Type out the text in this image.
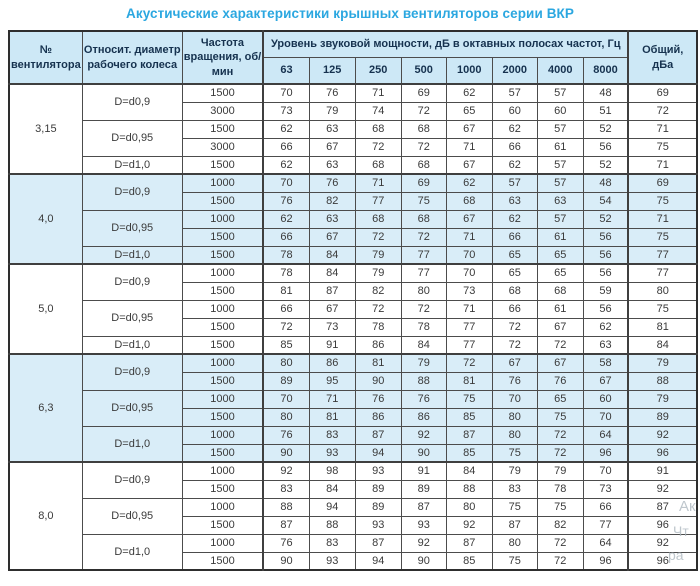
Акустические характеристики крышных вентиляторов серии ВКР
№ вентилятора	Относит. диаметр рабочего колеса	Частота вращения, об/мин	Уровень звуковой мощности, дБ в октавных полосах частот, Гц								Общий, дБа
			63	125	250	500	1000	2000	4000	8000	
3,15	D=d0,9	1500	70	76	71	69	62	57	57	48	69
		3000	73	79	74	72	65	60	60	51	72
	D=d0,95	1500	62	63	68	68	67	62	57	52	71
		3000	66	67	72	72	71	66	61	56	75
	D=d1,0	1500	62	63	68	68	67	62	57	52	71
4,0	D=d0,9	1000	70	76	71	69	62	57	57	48	69
		1500	76	82	77	75	68	63	63	54	75
	D=d0,95	1000	62	63	68	68	67	62	57	52	71
		1500	66	67	72	72	71	66	61	56	75
	D=d1,0	1500	78	84	79	77	70	65	65	56	77
5,0	D=d0,9	1000	78	84	79	77	70	65	65	56	77
		1500	81	87	82	80	73	68	68	59	80
	D=d0,95	1000	66	67	72	72	71	66	61	56	75
		1500	72	73	78	78	77	72	67	62	81
	D=d1,0	1500	85	91	86	84	77	72	72	63	84
6,3	D=d0,9	1000	80	86	81	79	72	67	67	58	79
		1500	89	95	90	88	81	76	76	67	88
	D=d0,95	1000	70	71	76	76	75	70	65	60	79
		1500	80	81	86	86	85	80	75	70	89
	D=d1,0	1000	76	83	87	92	87	80	72	64	92
		1500	90	93	94	90	85	75	72	96	96
8,0	D=d0,9	1000	92	98	93	91	84	79	79	70	91
		1500	83	84	89	89	88	83	78	73	92
	D=d0,95	1000	88	94	89	87	80	75	75	66	87
		1500	87	88	93	93	92	87	82	77	96
	D=d1,0	1000	76	83	87	92	87	80	72	64	92
		1500	90	93	94	90	85	75	72	96	96
Ак
Чт
ра
